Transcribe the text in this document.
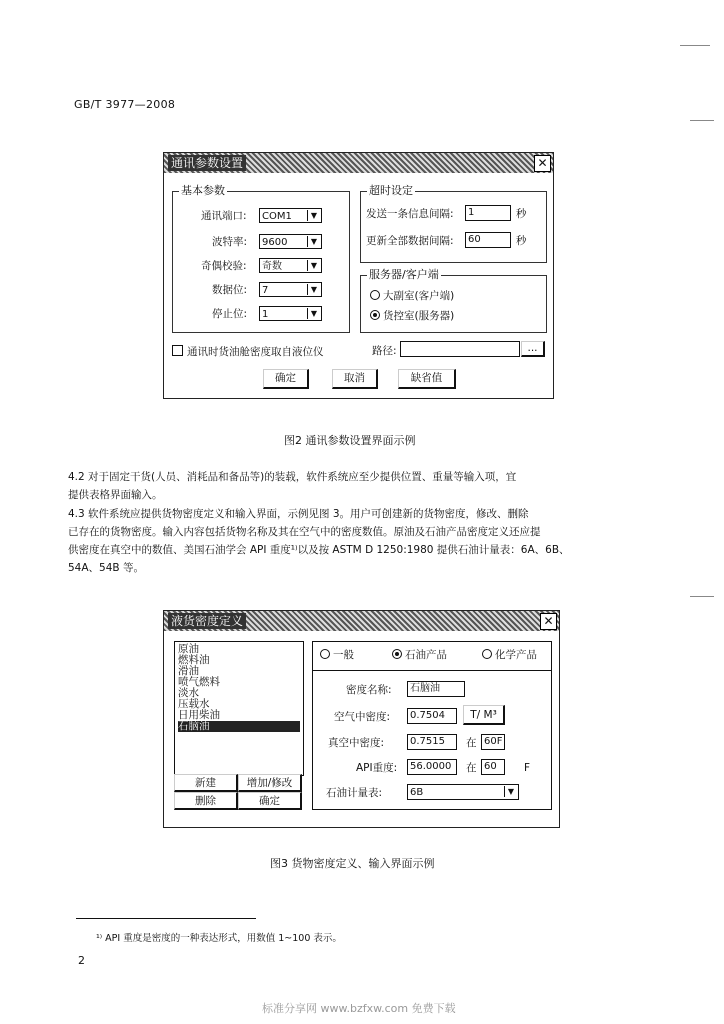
GB/T 3977—2008
通讯参数设置	✕
基本参数
通讯端口:	COM1	▼
波特率:	9600	▼
奇偶校验:	奇数	▼
数据位:	7	▼
停止位:	1	▼
超时设定
发送一条信息间隔:	1	秒
更新全部数据间隔:	60	秒
服务器/客户端
大副室(客户端)
货控室(服务器)
通讯时货油舱密度取自液位仪	路径:	...
确定	取消	缺省值
图2 通讯参数设置界面示例
4.2 对于固定干货(人员、消耗品和备品等)的装载，软件系统应至少提供位置、重量等输入项，宜
提供表格界面输入。
4.3 软件系统应提供货物密度定义和输入界面，示例见图 3。用户可创建新的货物密度，修改、删除
已存在的货物密度。输入内容包括货物名称及其在空气中的密度数值。原油及石油产品密度定义还应提
供密度在真空中的数值、美国石油学会 API 重度¹⁾以及按 ASTM D 1250:1980 提供石油计量表：6A、6B、
54A、54B 等。
液货密度定义	✕
原油
燃料油
滑油
喷气燃料
淡水
压载水
日用柴油
石脑油
新建	增加/修改
删除	确定
一般	石油产品	化学产品
密度名称:	石脑油
空气中密度:	0.7504	T/ M³
真空中密度:	0.7515	在 60F
API重度:	56.0000	在 60	F
石油计量表:	6B	▼
图3 货物密度定义、输入界面示例
¹⁾ API 重度是密度的一种表达形式，用数值 1~100 表示。
2
标准分享网 www.bzfxw.com 免费下载
